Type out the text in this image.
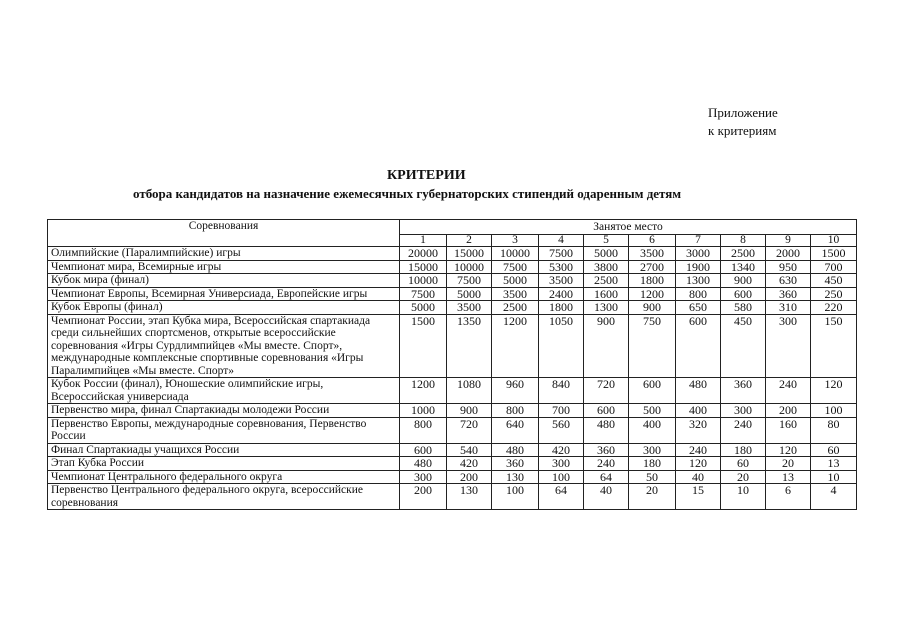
Приложение
к критериям
КРИТЕРИИ
отбора кандидатов на назначение ежемесячных губернаторских стипендий одаренным детям
Соревнования	Занятое место									
	1	2	3	4	5	6	7	8	9	10
Олимпийские (Паралимпийские) игры	20000	15000	10000	7500	5000	3500	3000	2500	2000	1500
Чемпионат мира, Всемирные игры	15000	10000	7500	5300	3800	2700	1900	1340	950	700
Кубок мира (финал)	10000	7500	5000	3500	2500	1800	1300	900	630	450
Чемпионат Европы, Всемирная Универсиада, Европейские игры	7500	5000	3500	2400	1600	1200	800	600	360	250
Кубок Европы (финал)	5000	3500	2500	1800	1300	900	650	580	310	220
Чемпионат России, этап Кубка мира, Всероссийская спартакиада среди сильнейших спортсменов, открытые всероссийские соревнования «Игры Сурдлимпийцев «Мы вместе. Спорт», международные комплексные спортивные соревнования «Игры Паралимпийцев «Мы вместе. Спорт»	1500	1350	1200	1050	900	750	600	450	300	150
Кубок России (финал), Юношеские олимпийские игры, Всероссийская универсиада	1200	1080	960	840	720	600	480	360	240	120
Первенство мира, финал Спартакиады молодежи России	1000	900	800	700	600	500	400	300	200	100
Первенство Европы, международные соревнования, Первенство России	800	720	640	560	480	400	320	240	160	80
Финал Спартакиады учащихся России	600	540	480	420	360	300	240	180	120	60
Этап Кубка России	480	420	360	300	240	180	120	60	20	13
Чемпионат Центрального федерального округа	300	200	130	100	64	50	40	20	13	10
Первенство Центрального федерального округа, всероссийские соревнования	200	130	100	64	40	20	15	10	6	4
